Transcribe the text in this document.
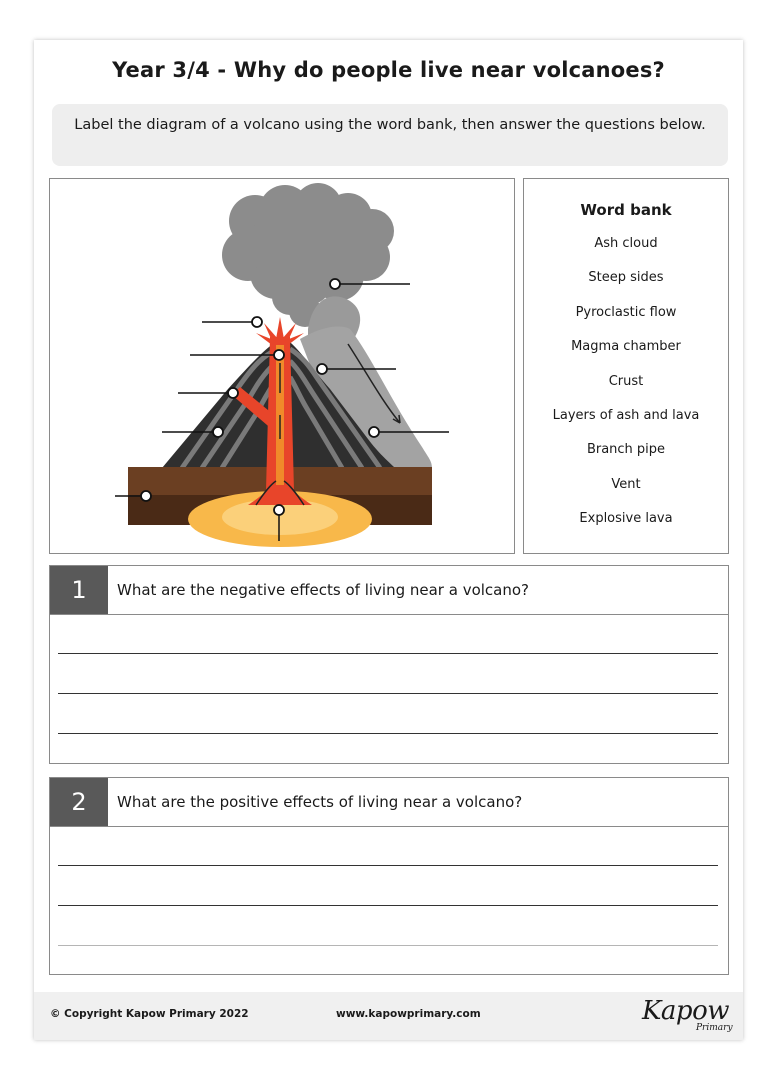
Year 3/4 - Why do people live near volcanoes?
Label the diagram of a volcano using the word bank, then answer the questions below.
Word bank
Ash cloud
Steep sides
Pyroclastic flow
Magma chamber
Crust
Layers of ash and lava
Branch pipe
Vent
Explosive lava
1	What are the negative effects of living near a volcano?
2	What are the positive effects of living near a volcano?
© Copyright Kapow Primary 2022	www.kapowprimary.com	Kapow
Primary
